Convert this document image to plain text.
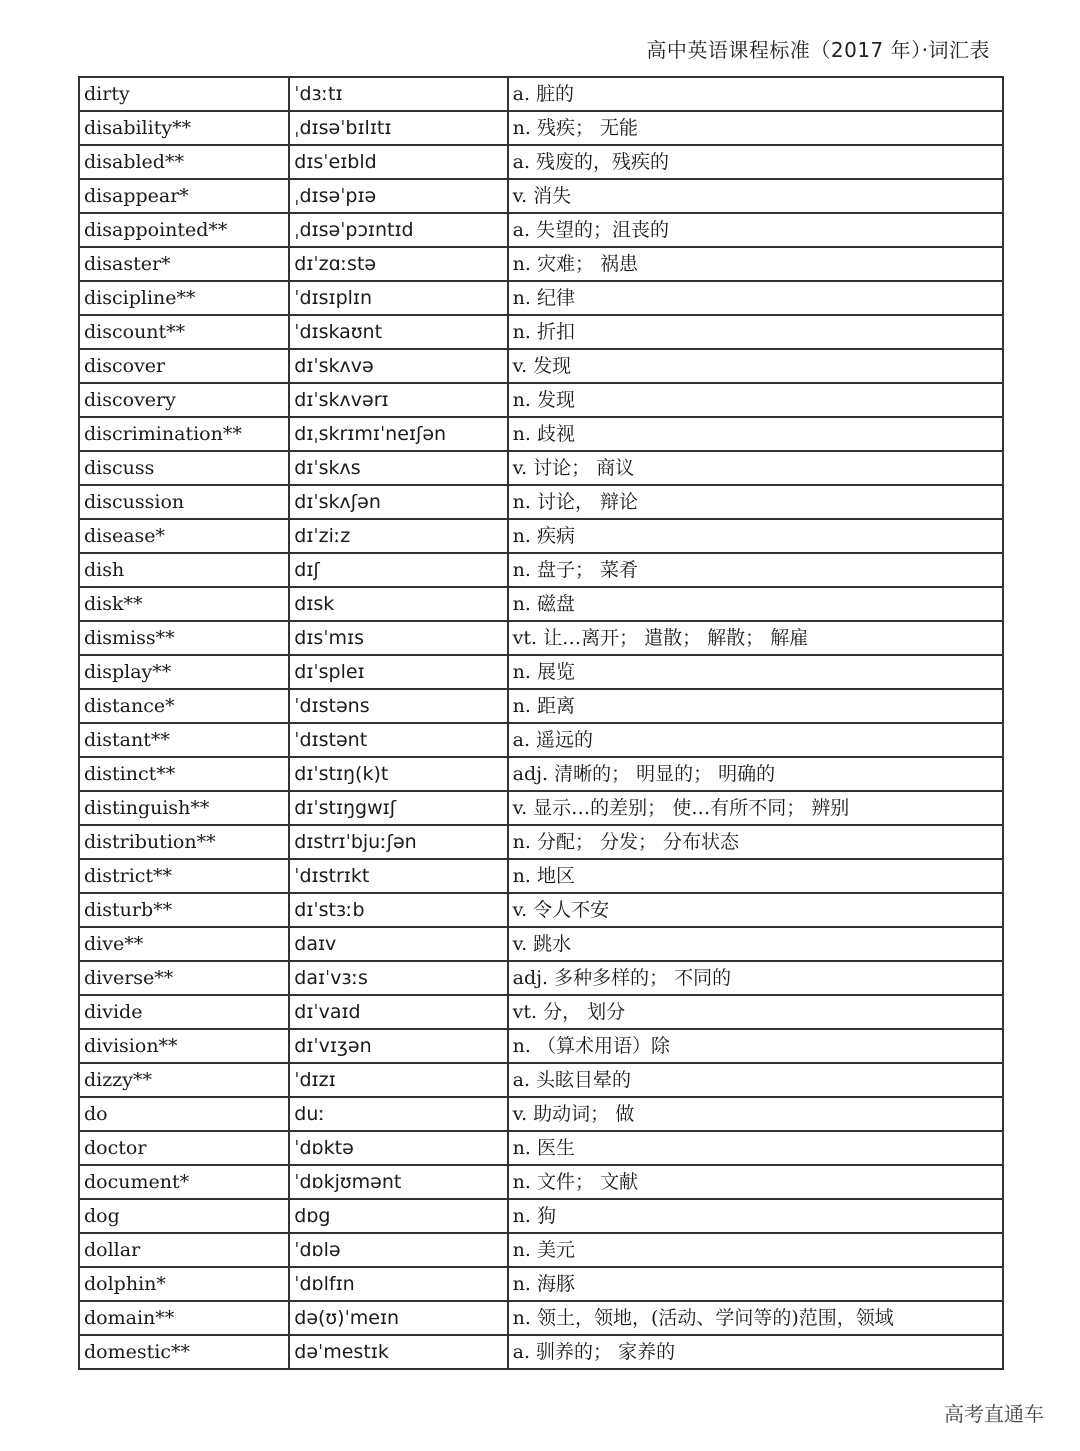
高中英语课程标准（2017 年）·词汇表
dirty	ˈdɜːtɪ	a. 脏的
disability**	ˌdɪsəˈbɪlɪtɪ	n. 残疾； 无能
disabled**	dɪsˈeɪbld	a. 残废的，残疾的
disappear*	ˌdɪsəˈpɪə	v. 消失
disappointed**	ˌdɪsəˈpɔɪntɪd	a. 失望的；沮丧的
disaster*	dɪˈzɑːstə	n. 灾难； 祸患
discipline**	ˈdɪsɪplɪn	n. 纪律
discount**	ˈdɪskaʊnt	n. 折扣
discover	dɪˈskʌvə	v. 发现
discovery	dɪˈskʌvərɪ	n. 发现
discrimination**	dɪˌskrɪmɪˈneɪʃən	n. 歧视
discuss	dɪˈskʌs	v. 讨论； 商议
discussion	dɪˈskʌʃən	n. 讨论， 辩论
disease*	dɪˈziːz	n. 疾病
dish	dɪʃ	n. 盘子； 菜肴
disk**	dɪsk	n. 磁盘
dismiss**	dɪsˈmɪs	vt. 让…离开； 遣散； 解散； 解雇
display**	dɪˈspleɪ	n. 展览
distance*	ˈdɪstəns	n. 距离
distant**	ˈdɪstənt	a. 遥远的
distinct**	dɪˈstɪŋ(k)t	adj. 清晰的； 明显的； 明确的
distinguish**	dɪˈstɪŋgwɪʃ	v. 显示…的差别； 使…有所不同； 辨别
distribution**	dɪstrɪˈbjuːʃən	n. 分配； 分发； 分布状态
district**	ˈdɪstrɪkt	n. 地区
disturb**	dɪˈstɜːb	v. 令人不安
dive**	daɪv	v. 跳水
diverse**	daɪˈvɜːs	adj. 多种多样的； 不同的
divide	dɪˈvaɪd	vt. 分， 划分
division**	dɪˈvɪʒən	n. （算术用语）除
dizzy**	ˈdɪzɪ	a. 头眩目晕的
do	duː	v. 助动词； 做
doctor	ˈdɒktə	n. 医生
document*	ˈdɒkjʊmənt	n. 文件； 文献
dog	dɒg	n. 狗
dollar	ˈdɒlə	n. 美元
dolphin*	ˈdɒlfɪn	n. 海豚
domain**	də(ʊ)ˈmeɪn	n. 领土，领地，(活动、学问等的)范围，领域
domestic**	dəˈmestɪk	a. 驯养的； 家养的
高考直通车
